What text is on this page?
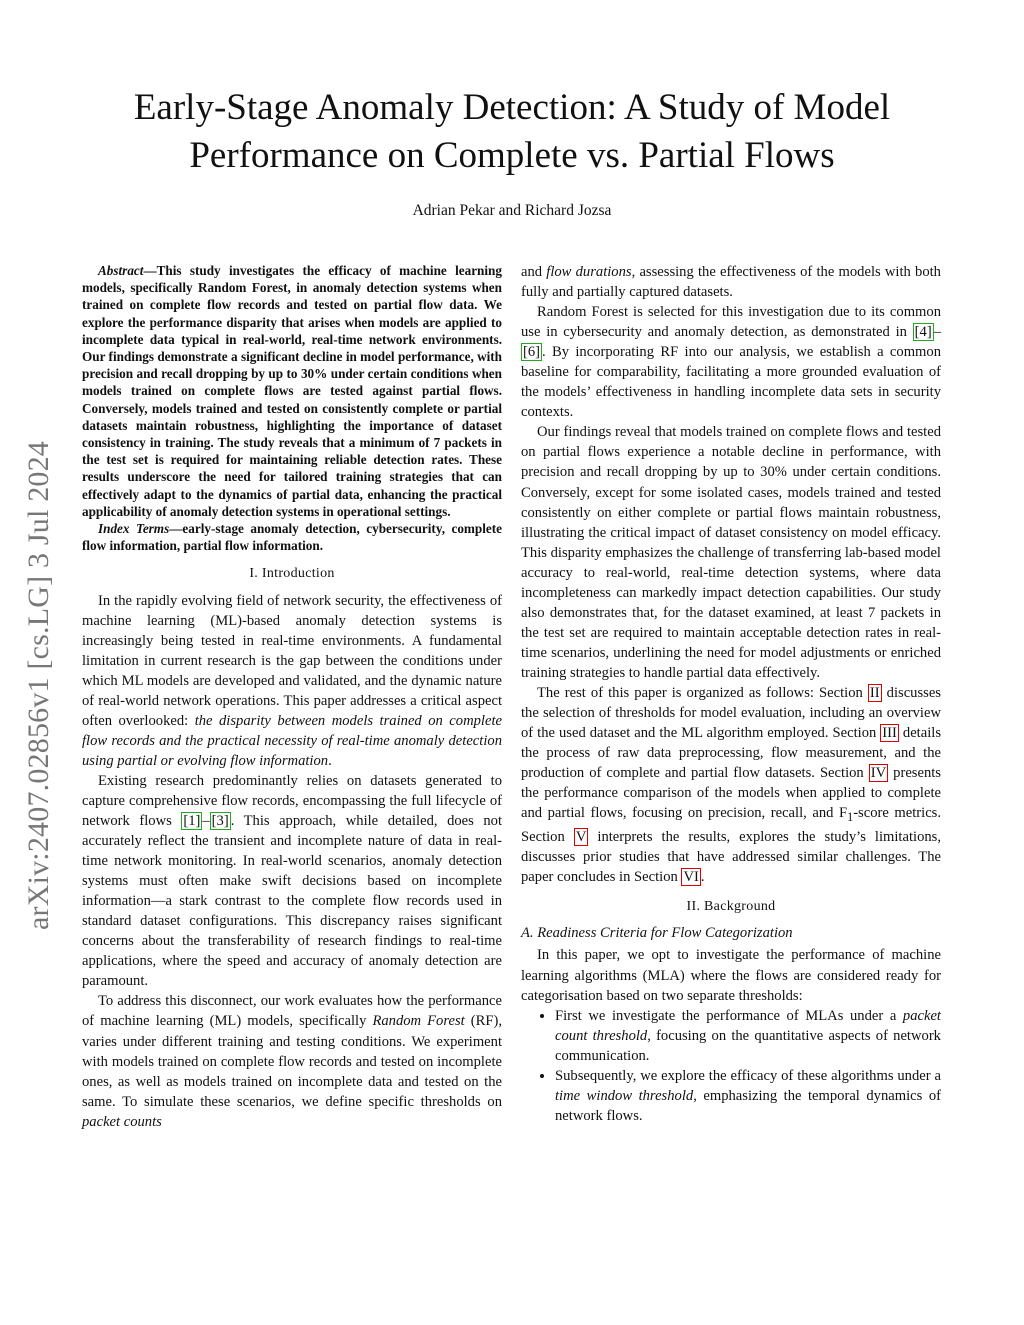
arXiv:2407.02856v1 [cs.LG] 3 Jul 2024
Early-Stage Anomaly Detection: A Study of Model Performance on Complete vs. Partial Flows
Adrian Pekar and Richard Jozsa

Abstract—This study investigates the efficacy of machine learning models, specifically Random Forest, in anomaly detection systems when trained on complete flow records and tested on partial flow data. We explore the performance disparity that arises when models are applied to incomplete data typical in real-world, real-time network environments. Our findings demonstrate a significant decline in model performance, with precision and recall dropping by up to 30% under certain conditions when models trained on complete flows are tested against partial flows. Conversely, models trained and tested on consistently complete or partial datasets maintain robustness, highlighting the importance of dataset consistency in training. The study reveals that a minimum of 7 packets in the test set is required for maintaining reliable detection rates. These results underscore the need for tailored training strategies that can effectively adapt to the dynamics of partial data, enhancing the practical applicability of anomaly detection systems in operational settings.

Index Terms—early-stage anomaly detection, cybersecurity, complete flow information, partial flow information.

I. Introduction

In the rapidly evolving field of network security, the effectiveness of machine learning (ML)-based anomaly detection systems is increasingly being tested in real-time environments. A fundamental limitation in current research is the gap between the conditions under which ML models are developed and validated, and the dynamic nature of real-world network operations. This paper addresses a critical aspect often overlooked: the disparity between models trained on complete flow records and the practical necessity of real-time anomaly detection using partial or evolving flow information.

Existing research predominantly relies on datasets generated to capture comprehensive flow records, encompassing the full lifecycle of network flows [1] – [3] . This approach, while detailed, does not accurately reflect the transient and incomplete nature of data in real-time network monitoring. In real-world scenarios, anomaly detection systems must often make swift decisions based on incomplete information—a stark contrast to the complete flow records used in standard dataset configurations. This discrepancy raises significant concerns about the transferability of research findings to real-time applications, where the speed and accuracy of anomaly detection are paramount.

To address this disconnect, our work evaluates how the performance of machine learning (ML) models, specifically Random Forest (RF), varies under different training and testing conditions. We experiment with models trained on complete flow records and tested on incomplete ones, as well as models trained on incomplete data and tested on the same. To simulate these scenarios, we define specific thresholds on packet counts

and flow durations, assessing the effectiveness of the models with both fully and partially captured datasets.

Random Forest is selected for this investigation due to its common use in cybersecurity and anomaly detection, as demonstrated in [4] –[6] . By incorporating RF into our analysis, we establish a common baseline for comparability, facilitating a more grounded evaluation of the models’ effectiveness in handling incomplete data sets in security contexts.

Our findings reveal that models trained on complete flows and tested on partial flows experience a notable decline in performance, with precision and recall dropping by up to 30% under certain conditions. Conversely, except for some isolated cases, models trained and tested consistently on either complete or partial flows maintain robustness, illustrating the critical impact of dataset consistency on model efficacy. This disparity emphasizes the challenge of transferring lab-based model accuracy to real-world, real-time detection systems, where data incompleteness can markedly impact detection capabilities. Our study also demonstrates that, for the dataset examined, at least 7 packets in the test set are required to maintain acceptable detection rates in real-time scenarios, underlining the need for model adjustments or enriched training strategies to handle partial data effectively.

The rest of this paper is organized as follows: Section II discusses the selection of thresholds for model evaluation, including an overview of the used dataset and the ML algorithm employed. Section III details the process of raw data preprocessing, flow measurement, and the production of complete and partial flow datasets. Section IV presents the performance comparison of the models when applied to complete and partial flows, focusing on precision, recall, and $F_1$-score metrics. Section V interprets the results, explores the study’s limitations, discusses prior studies that have addressed similar challenges. The paper concludes in Section VI .

II. Background
A. Readiness Criteria for Flow Categorization

In this paper, we opt to investigate the performance of machine learning algorithms (MLA) where the flows are considered ready for categorisation based on two separate thresholds:

• First we investigate the performance of MLAs under a packet count threshold, focusing on the quantitative aspects of network communication.
• Subsequently, we explore the efficacy of these algorithms under a time window threshold, emphasizing the temporal dynamics of network flows.
